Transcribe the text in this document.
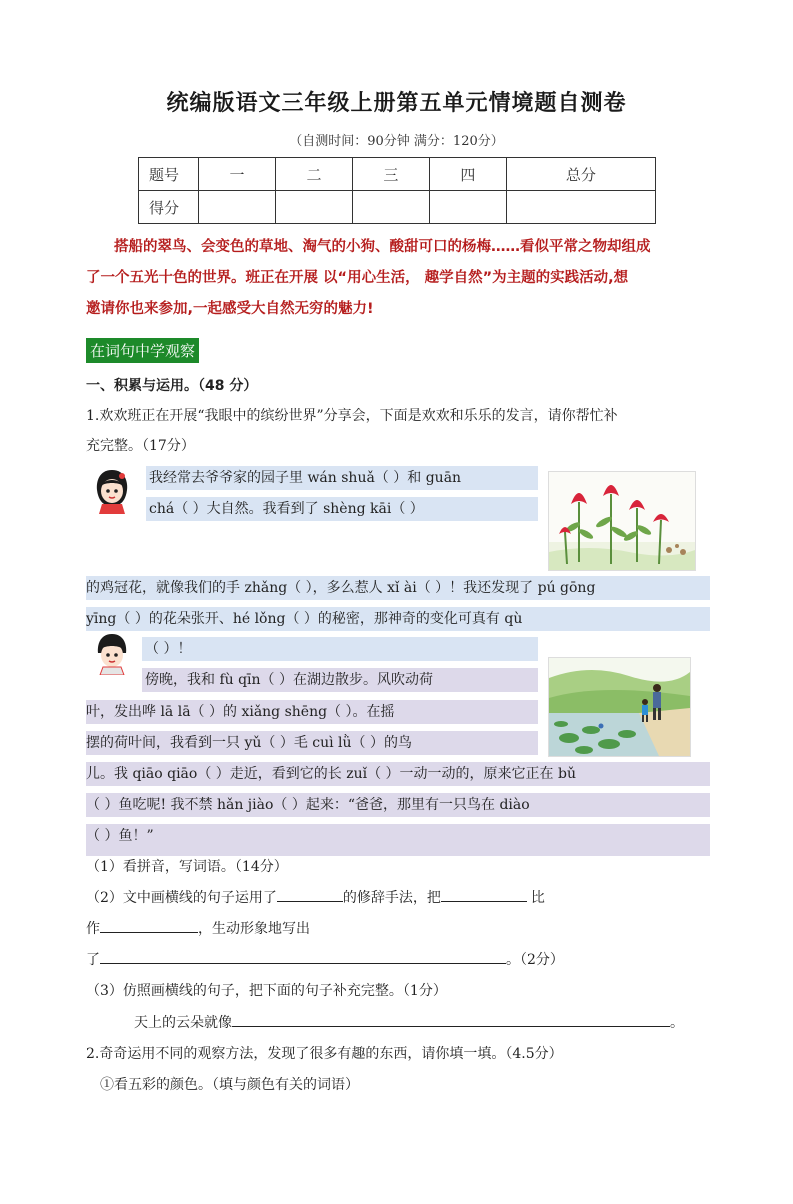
统编版语文三年级上册第五单元情境题自测卷
（自测时间：90分钟 满分：120分）
题号	一	二	三	四	总分
得分					
搭船的翠鸟、会变色的草地、淘气的小狗、酸甜可口的杨梅……看似平常之物却组成
了一个五光十色的世界。班正在开展 以“用心生活， 趣学自然”为主题的实践活动,想
邀请你也来参加,一起感受大自然无穷的魅力!
在词句中学观察
一、积累与运用。（48 分）
1.欢欢班正在开展“我眼中的缤纷世界”分享会，下面是欢欢和乐乐的发言，请你帮忙补
充完整。（17分）
我经常去爷爷家的园子里 wán shuǎ（ ）和 guān
chá（ ）大自然。我看到了 shèng kāi（ ）
的鸡冠花，就像我们的手 zhǎng（ ），多么惹人 xǐ ài（ ）！我还发现了 pú gōng
yīng（ ）的花朵张开、hé lǒng（ ）的秘密，那神奇的变化可真有 qù
（ ）！
傍晚，我和 fù qīn（ ）在湖边散步。风吹动荷
叶，发出哗 lā lā（ ）的 xiǎng shēng（ ）。在摇
摆的荷叶间，我看到一只 yǔ（ ）毛 cuì lǜ（ ）的鸟
儿。我 qiāo qiāo（ ）走近，看到它的长 zuǐ（ ）一动一动的，原来它正在 bǔ
（ ）鱼吃呢! 我不禁 hǎn jiào（ ）起来：“爸爸，那里有一只鸟在 diào
（ ）鱼！”
（1）看拼音，写词语。（14分）
（2）文中画横线的句子运用了	的修辞手法，把	比
作	，生动形象地写出
了	。（2分）
（3）仿照画横线的句子，把下面的句子补充完整。（1分）
天上的云朵就像	。
2.奇奇运用不同的观察方法，发现了很多有趣的东西，请你填一填。（4.5分）
①看五彩的颜色。（填与颜色有关的词语）
